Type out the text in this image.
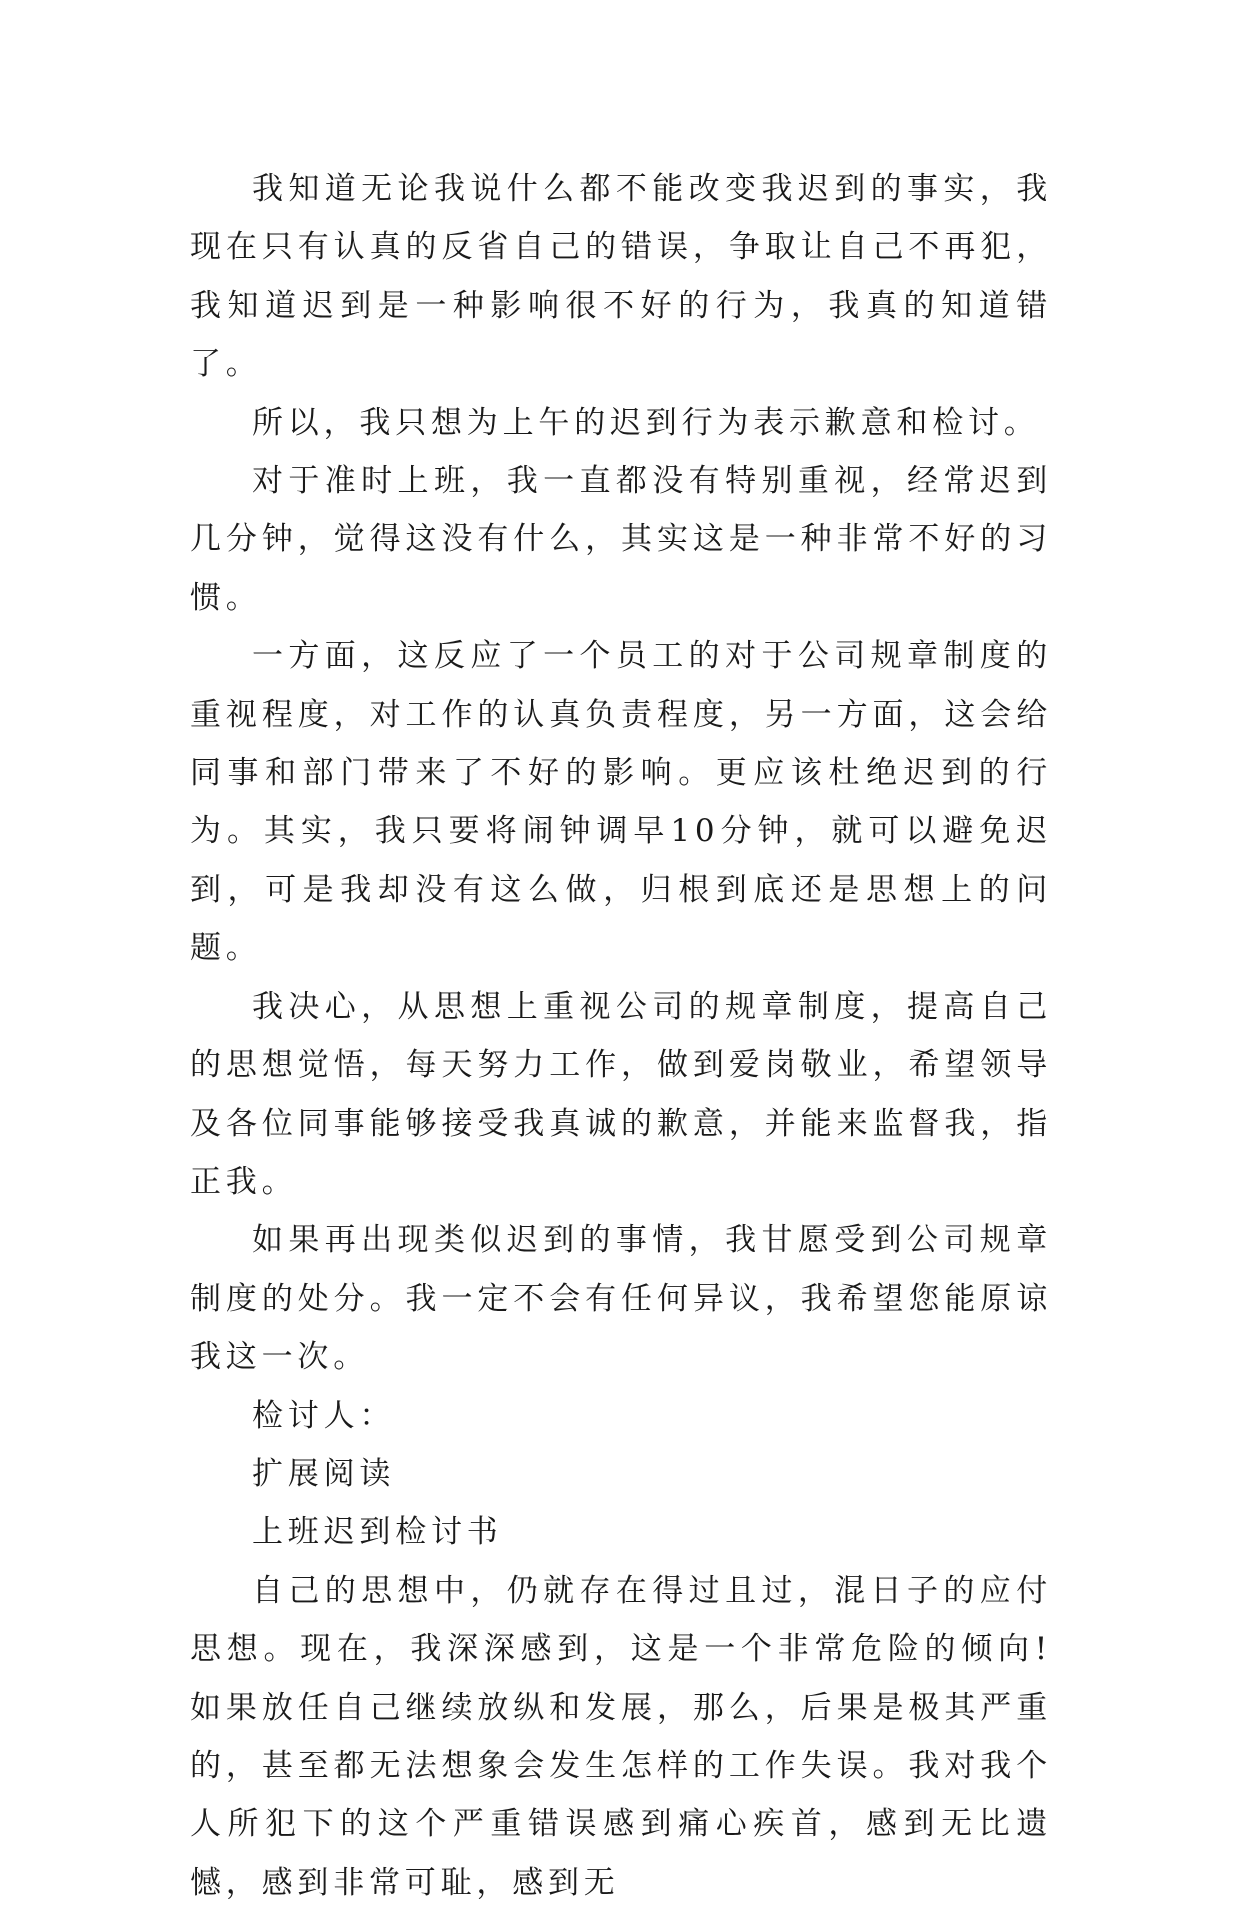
我知道无论我说什么都不能改变我迟到的事实，我现在只有认真的反省自己的错误，争取让自己不再犯，我知道迟到是一种影响很不好的行为，我真的知道错了。

所以，我只想为上午的迟到行为表示歉意和检讨。

对于准时上班，我一直都没有特别重视，经常迟到几分钟，觉得这没有什么，其实这是一种非常不好的习惯。

一方面，这反应了一个员工的对于公司规章制度的重视程度，对工作的认真负责程度，另一方面，这会给同事和部门带来了不好的影响。更应该杜绝迟到的行为。其实，我只要将闹钟调早10分钟，就可以避免迟到，可是我却没有这么做，归根到底还是思想上的问题。

我决心，从思想上重视公司的规章制度，提高自己的思想觉悟，每天努力工作，做到爱岗敬业，希望领导及各位同事能够接受我真诚的歉意，并能来监督我，指正我。

如果再出现类似迟到的事情，我甘愿受到公司规章制度的处分。我一定不会有任何异议，我希望您能原谅我这一次。

检讨人：

扩展阅读

上班迟到检讨书

自己的思想中，仍就存在得过且过，混日子的应付思想。现在，我深深感到，这是一个非常危险的倾向!如果放任自己继续放纵和发展，那么，后果是极其严重的，甚至都无法想象会发生怎样的工作失误。我对我个人所犯下的这个严重错误感到痛心疾首，感到无比遗憾，感到非常可耻，感到无
